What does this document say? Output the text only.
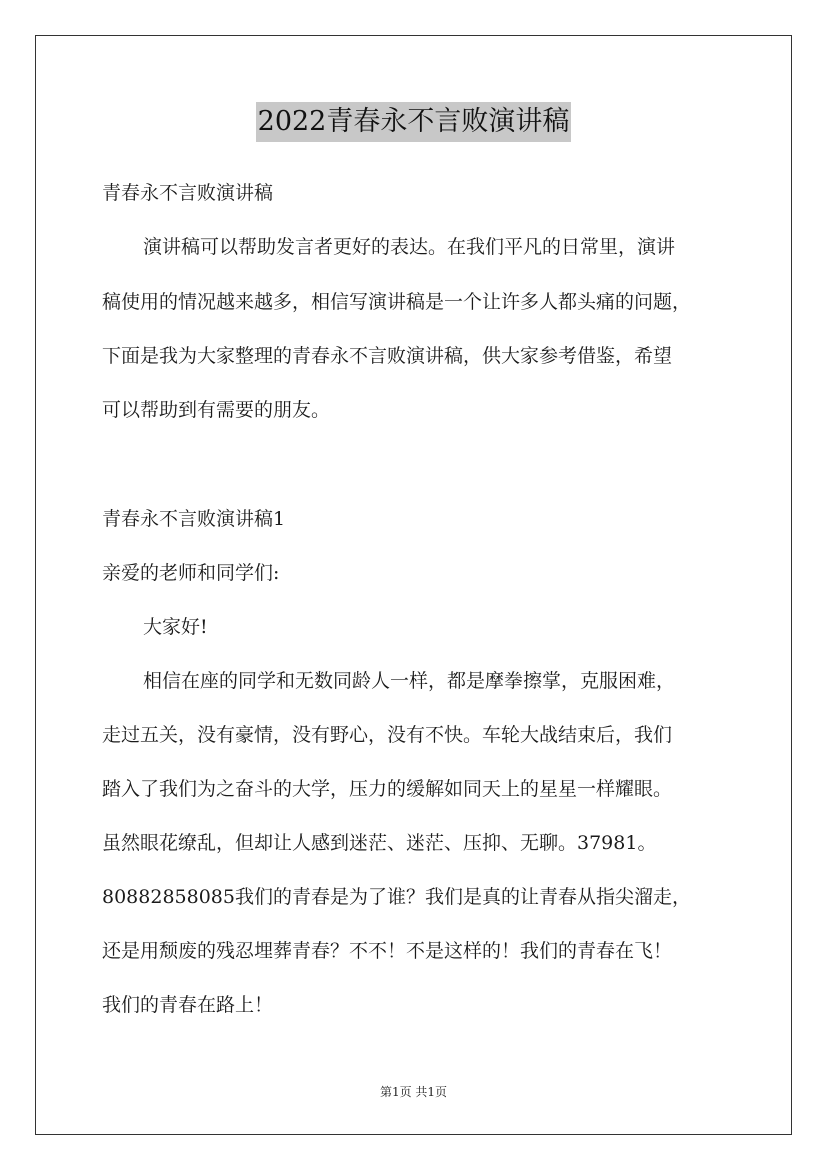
2022青春永不言败演讲稿
青春永不言败演讲稿
演讲稿可以帮助发言者更好的表达。在我们平凡的日常里，演讲
稿使用的情况越来越多，相信写演讲稿是一个让许多人都头痛的问题，
下面是我为大家整理的青春永不言败演讲稿，供大家参考借鉴，希望
可以帮助到有需要的朋友。
青春永不言败演讲稿1
亲爱的老师和同学们:
大家好!
相信在座的同学和无数同龄人一样，都是摩拳擦掌，克服困难，
走过五关，没有豪情，没有野心，没有不快。车轮大战结束后，我们
踏入了我们为之奋斗的大学，压力的缓解如同天上的星星一样耀眼。
虽然眼花缭乱，但却让人感到迷茫、迷茫、压抑、无聊。37981。
80882858085我们的青春是为了谁？我们是真的让青春从指尖溜走，
还是用颓废的残忍埋葬青春？不不！不是这样的！我们的青春在飞！
我们的青春在路上！
第1页 共1页
